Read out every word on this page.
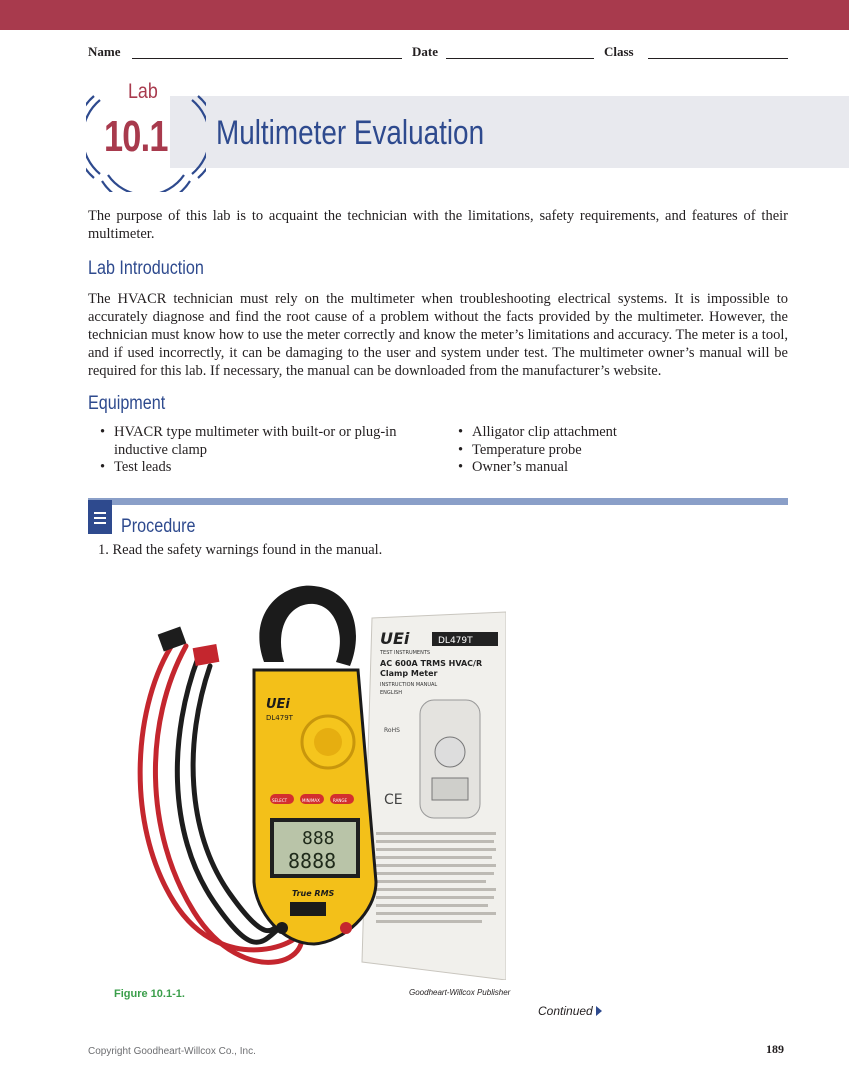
Name	Date	Class
Lab
10.1 Multimeter Evaluation
The purpose of this lab is to acquaint the technician with the limitations, safety requirements, and features of their multimeter.
Lab Introduction
The HVACR technician must rely on the multimeter when troubleshooting electrical systems. It is impossible to accurately diagnose and find the root cause of a problem without the facts provided by the multimeter. However, the technician must know how to use the meter correctly and know the meter’s limitations and accuracy. The meter is a tool, and if used incorrectly, it can be damaging to the user and system under test. The multimeter owner’s manual will be required for this lab. If necessary, the manual can be downloaded from the manufacturer’s website.
Equipment
• HVACR type multimeter with built-or or plug-in inductive clamp
• Test leads
• Alligator clip attachment
• Temperature probe
• Owner’s manual
Procedure
1. Read the safety warnings found in the manual.
UEi	DL479T
TEST INSTRUMENTS
AC 600A TRMS HVAC/R
Clamp Meter
INSTRUCTION MANUAL
ENGLISH
RoHS
CE
UEi
DL479T
SELECT	MIN/MAX	RANGE
888
8888
True RMS
Figure 10.1-1.	Goodheart-Willcox Publisher
Continued
Copyright Goodheart-Willcox Co., Inc.	189
